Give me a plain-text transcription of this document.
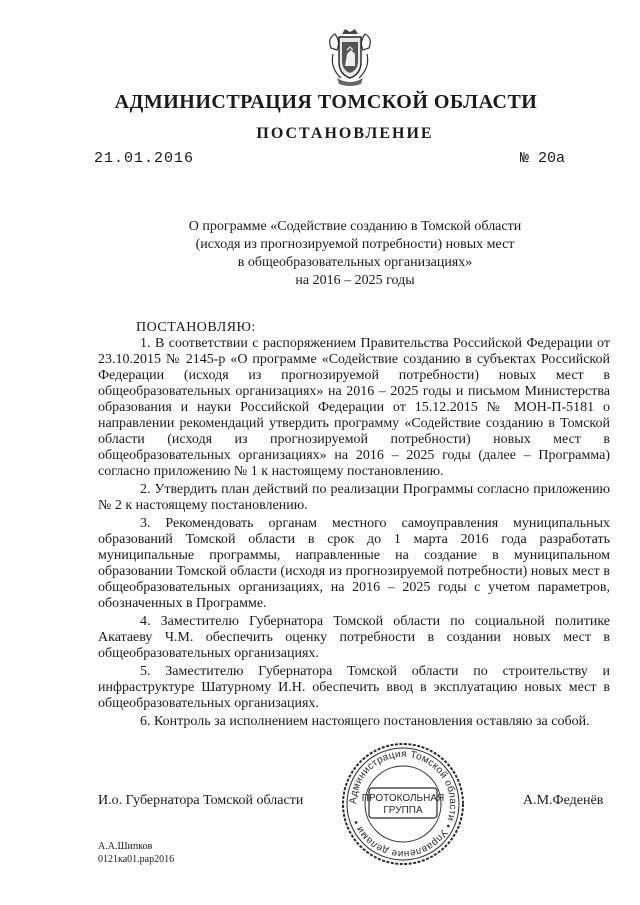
АДМИНИСТРАЦИЯ ТОМСКОЙ ОБЛАСТИ
ПОСТАНОВЛЕНИЕ
21.01.2016	№ 20а
О программе «Содействие созданию в Томской области
(исходя из прогнозируемой потребности) новых мест
в общеобразовательных организациях»
на 2016 – 2025 годы
ПОСТАНОВЛЯЮ:
1. В соответствии с распоряжением Правительства Российской Федерации от 23.10.2015 № 2145-р «О программе «Содействие созданию в субъектах Российской Федерации (исходя из прогнозируемой потребности) новых мест в общеобразовательных организациях» на 2016 – 2025 годы и письмом Министерства образования и науки Российской Федерации от 15.12.2015 № МОН-П-5181 о направлении рекомендаций утвердить программу «Содействие созданию в Томской области (исходя из прогнозируемой потребности) новых мест в общеобразовательных организациях» на 2016 – 2025 годы (далее – Программа) согласно приложению № 1 к настоящему постановлению.
2. Утвердить план действий по реализации Программы согласно приложению № 2 к настоящему постановлению.
3. Рекомендовать органам местного самоуправления муниципальных образований Томской области в срок до 1 марта 2016 года разработать муниципальные программы, направленные на создание в муниципальном образовании Томской области (исходя из прогнозируемой потребности) новых мест в общеобразовательных организациях, на 2016 – 2025 годы с учетом параметров, обозначенных в Программе.
4. Заместителю Губернатора Томской области по социальной политике Акатаеву Ч.М. обеспечить оценку потребности в создании новых мест в общеобразовательных организациях.
5. Заместителю Губернатора Томской области по строительству и инфраструктуре Шатурному И.Н. обеспечить ввод в эксплуатацию новых мест в общеобразовательных организациях.
6. Контроль за исполнением настоящего постановления оставляю за собой.
И.о. Губернатора Томской области	А.М.Феденёв
Администрация Томской области • Управление делами •
ПРОТОКОЛЬНАЯ
ГРУППА
А.А.Шипков
0121ка01.рар2016
